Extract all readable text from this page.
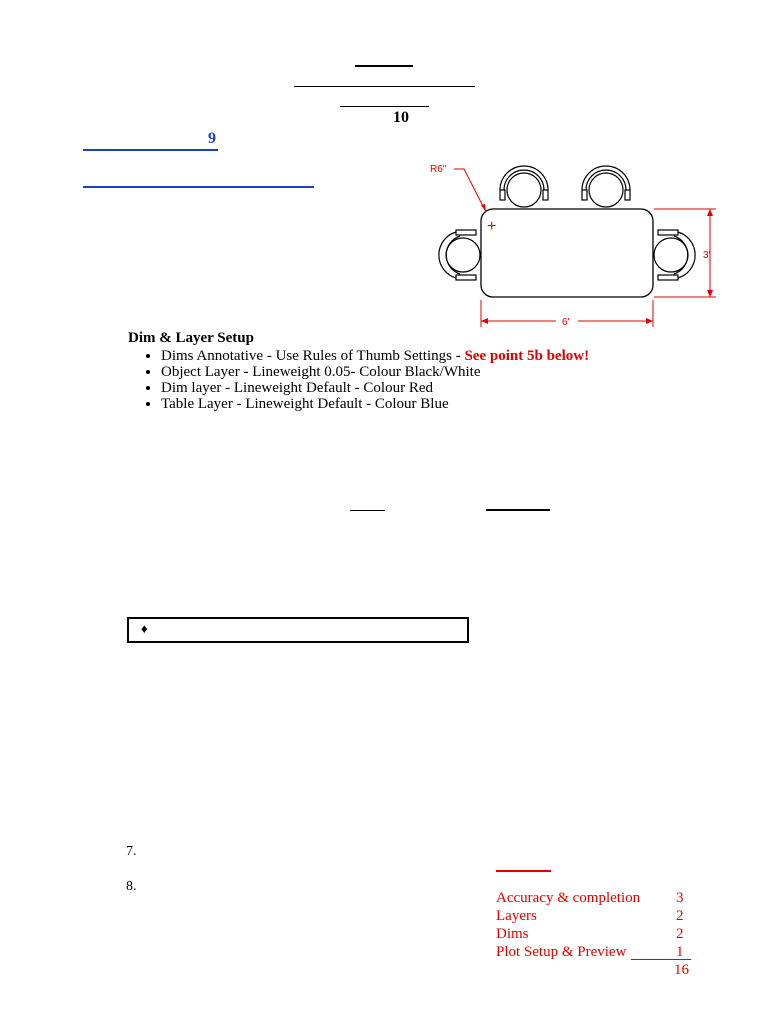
10
9
R6"
+
3'
6'
Dim & Layer Setup
• Dims Annotative - Use Rules of Thumb Settings - See point 5b below!
• Object Layer - Lineweight 0.05- Colour Black/White
• Dim layer - Lineweight Default - Colour Red
• Table Layer - Lineweight Default - Colour Blue
♦
7.
8.
Accuracy & completion 3
Layers	2
Dims	2
Plot Setup & Preview	1
16
